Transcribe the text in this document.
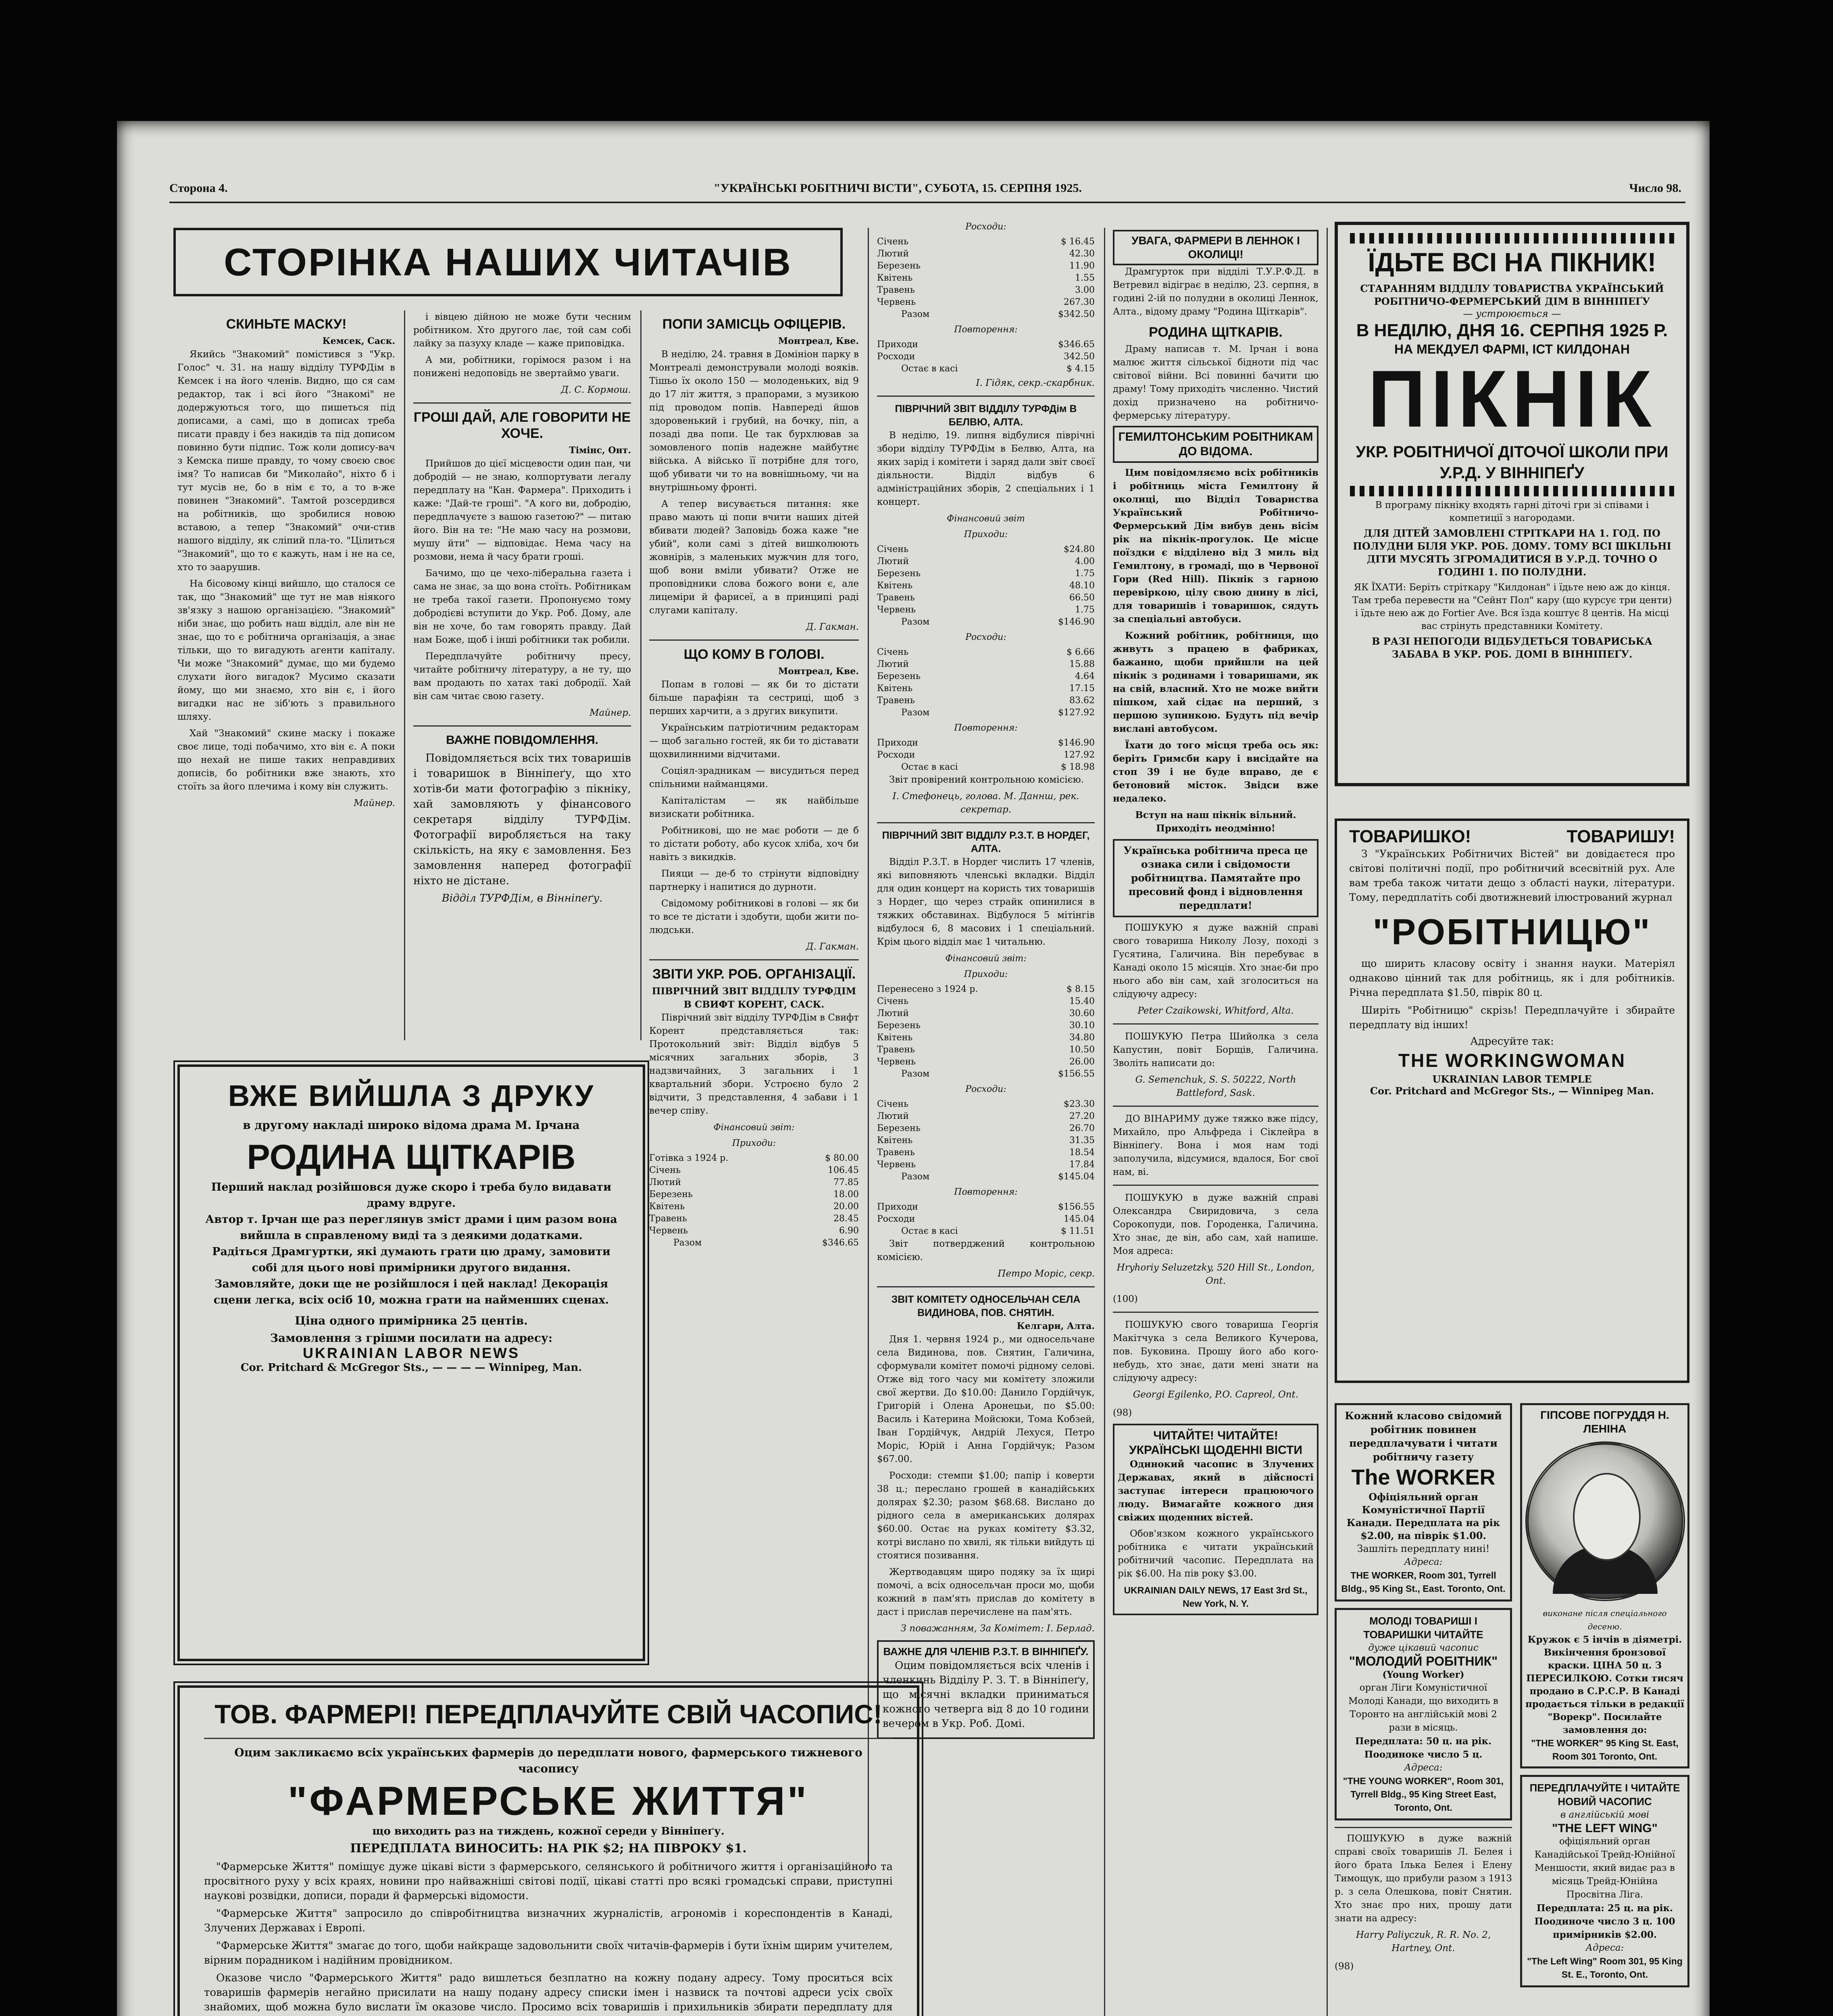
Сторона 4.	"УКРАЇНСЬКІ РОБІТНИЧІ ВІСТИ", СУБОТА, 15. СЕРПНЯ 1925.	Число 98.
СТОРІНКА НАШИХ ЧИТАЧІВ
СКИНЬТЕ МАСКУ!
Кемсек, Саск.

Якийсь "Знакомий" помістився з "Укр. Голос" ч. 31. на нашу відділу ТУРФДім в Кемсек і на його членів. Видно, що ся сам редактор, так і всі його "Знакомі" не додержуються того, що пишеться під дописами, а самі, що в дописах треба писати правду і без накидів та під дописом повинно бути підпис. Тож коли допису-вач з Кемска пише правду, то чому своєю своє імя? То написав би "Миколайо", ніхто б і тут мусів не, бо в нім є то, а то в-же повинен "Знакомий". Тамтой розсердився на робітників, що зробилися новою вставою, а тепер "Знакомий" очи-стив нашого відділу, як сліпий пла-то. "Цілиться "Знакомий", що то є кажуть, нам і не на се, хто то заарушив.

На бісовому кінці вийшло, що сталося се так, що "Знакомий" ще тут не мав ніякого зв'язку з нашою організацією. "Знакомий" ніби знає, що робить наш відділ, але він не знає, що то є робітнича організація, а знає тільки, що то вигадують агенти капіталу. Чи може "Знакомий" думає, що ми будемо слухати його вигадок? Мусимо сказати йому, що ми знаємо, хто він є, і його вигадки нас не зіб'ють з правильного шляху.

Хай "Знакомий" скине маску і покаже своє лице, тоді побачимо, хто він є. А поки що нехай не пише таких неправдивих дописів, бо робітники вже знають, хто стоїть за його плечима і кому він служить.

Майнер.

і вівцею дійною не може бути чесним робітником. Хто другого лає, той сам собі лайку за пазуху кладе — каже приповідка.

А ми, робітники, горімося разом і на понижені недоповідь не звертаймо уваги.

Д. С. Кормош.
ГРОШІ ДАЙ, АЛЕ ГОВОРИТИ НЕ ХОЧЕ.
Тімінс, Онт.

Прийшов до цієї місцевости один пан, чи добродій — не знаю, колпортувати легалу передплату на "Кан. Фармера". Приходить і каже: "Дай-те гроші". "А кого ви, добродію, передплачуєте з вашою газетою?" — питаю його. Він на те: "Не маю часу на розмови, мушу йти" — відповідає. Нема часу на розмови, нема й часу брати гроші.

Бачимо, що це чехо-ліберальна газета і сама не знає, за що вона стоїть. Робітникам не треба такої газети. Пропонуємо тому добродієві вступити до Укр. Роб. Дому, але він не хоче, бо там говорять правду. Дай нам Боже, щоб і інші робітники так робили.

Передплачуйте робітничу пресу, читайте робітничу літературу, а не ту, що вам продають по хатах такі добродії. Хай він сам читає свою газету.

Майнер.
ВАЖНЕ ПОВІДОМЛЕННЯ.

Повідомляється всіх тих товаришів і товаришок в Вінніпеґу, що хто хотів-би мати фотографію з пікніку, хай замовляють у фінансового секретаря відділу ТУРФДім. Фотографії виробляється на таку скількість, на яку є замовлення. Без замовлення наперед фотографії ніхто не дістане.

Відділ ТУРФДім, в Вінніпеґу.
ПОПИ ЗАМІСЦЬ ОФІЦЕРІВ.
Монтреал, Кве.

В неділю, 24. травня в Домініон парку в Монтреалі демонстрували молоді вояків. Тішьо їх около 150 — молоденьких, від 9 до 17 літ життя, з прапорами, з музикою під проводом попів. Навпереді йшов здоровенький і грубий, на бочку, піп, а позаді два попи. Це так бурхлював за зомовленого попів надежне майбутнє війська. А військо її потрібне для того, щоб убивати чи то на вовнішньому, чи на внутрішньому фронті.

А тепер висувається питання: яке право мають ці попи вчити наших дітей вбивати людей? Заповідь божа каже "не убий", коли самі з дітей вишколюють жовнірів, з маленьких мужчин для того, щоб вони вміли убивати? Отже не проповідники слова божого вони є, але лицеміри й фарисеї, а в принципі раді слугами капіталу.

Д. Гакман.
ЩО КОМУ В ГОЛОВІ.
Монтреал, Кве.

Попам в голові — як би то дістати більше парафіян та сестрицi, щоб з перших харчити, а з других викупити.

Українським патріотичним редакторам — щоб загально гостей, як би то діставати щохвилинними відчитами.

Соціял-зрадникам — висудиться перед спільними найманцями.

Капіталістам — як найбільше визискати робітника.

Робітникові, що не має роботи — де б то дістати роботу, або кусок хліба, хоч би навіть з викидків.

Пияци — де-б то стрінути відповідну партнерку і напитися до дурноти.

Свідомому робітникові в голові — як би то все те дістати і здобути, щоби жити по-людськи.

Д. Гакман.
ЗВІТИ УКР. РОБ. ОРГАНІЗАЦІЇ.
ПІВРІЧНИЙ ЗВІТ ВІДДІЛУ ТУРФДІМ В СВИФТ КОРЕНТ, САСК.

Піврічний звіт відділу ТУРФДім в Свифт Корент представляється так: Протокольний звіт: Відділ відбув 5 місячних загальних зборів, 3 надзвичайних, 3 загальних і 1 квартальний збори. Устроєно було 2 відчити, 3 представлення, 4 забави і 1 вечер співу.

Фінансовий звіт:
Приходи:
Готівка з 1924 р.	$ 80.00
Січень	106.45
Лютий	77.85
Березень	18.00
Квітень	20.00
Травень	28.45
Червень	6.90
Разом	$346.65
Росходи:
Січень	$ 16.45
Лютий	42.30
Березень	11.90
Квітень	1.55
Травень	3.00
Червень	267.30
Разом	$342.50
Повторення:
Приходи	$346.65
Росходи	342.50
Остає в касі	$ 4.15
І. Гідяк, секр.-скарбник.
ПІВРІЧНИЙ ЗВІТ ВІДДІЛУ ТУРФДім В БЕЛВЮ, АЛТА.

В неділю, 19. липня відбулися піврічні збори відділу ТУРФДім в Белвю, Алта, на яких зарід і комітети і заряд дали звіт своєї діяльности. Відділ відбув 6 адміністраційних зборів, 2 спеціальних і 1 концерт.

Фінансовий звіт
Приходи:
Січень	$24.80
Лютий	4.00
Березень	1.75
Квітень	48.10
Травень	66.50
Червень	1.75
Разом	$146.90
Росходи:
Січень	$ 6.66
Лютий	15.88
Березень	4.64
Квітень	17.15
Травень	83.62
Разом	$127.92
Повторення:
Приходи	$146.90
Росходи	127.92
Остає в касі	$ 18.98

Звіт провірений контрольною комісією.

І. Стефонець, голова. М. Даннш, рек. секретар.
ПІВРІЧНИЙ ЗВІТ ВІДДІЛУ Р.З.Т. В НОРДЕГ, АЛТА.

Відділ Р.З.Т. в Нордег числить 17 членів, які виповняють членські вкладки. Відділ для один концерт на користь тих товаришів з Нордег, що через страйк опинилися в тяжких обставинах. Відбулося 5 мітінгів відбулося 6, 8 масових і 1 спеціальний. Крім цього відділ має 1 читальню.

Фінансовий звіт:
Приходи:
Перенесено з 1924 р.	$ 8.15
Січень	15.40
Лютий	30.60
Березень	30.10
Квітень	34.80
Травень	10.50
Червень	26.00
Разом	$156.55
Росходи:
Січень	$23.30
Лютий	27.20
Березень	26.70
Квітень	31.35
Травень	18.54
Червень	17.84
Разом	$145.04
Повторення:
Приходи	$156.55
Росходи	145.04
Остає в касі	$ 11.51

Звіт потверджений контрольною комісією.

Петро Моріс, секр.
ЗВІТ КОМІТЕТУ ОДНОСЕЛЬЧАН СЕЛА ВИДИНОВА, ПОВ. СНЯТИН.
Келгари, Алта.

Дня 1. червня 1924 р., ми односельчане села Видинова, пов. Снятин, Галичина, сформували комітет помочі рідному селові. Отже від того часу ми комітету зложили свої жертви. До $10.00: Данило Гордійчук, Григорій і Олена Аронецьи, по $5.00: Василь і Катерина Мойсюки, Тома Кобзей, Іван Гордійчук, Андрій Лехуся, Петро Моріс, Юрій і Анна Гордійчук; Разом $67.00.

Росходи: стемпи $1.00; папір і коверти 38 ц.; переслано грошей в канадійських долярах $2.30; разом $68.68. Вислано до рідного села в американських долярах $60.00. Остає на руках комітету $3.32, котрі вислано по хвилі, як тільки вийдуть ці стоятися позивання.

Жертводавцям щиро подяку за їх щирі помочі, а всіх односельчан проси мо, щоби кожний в пам'ять прислав до комітету в даст і прислав перечислене на пам'ять.

З поважанням, За Комітет: І. Берлад.
ВАЖНЕ ДЛЯ ЧЛЕНІВ Р.З.Т. В ВІННІПЕҐУ.

Оцим повідомляється всіх членів і членкинь Відділу Р. З. Т. в Вінніпеґу, що місячні вкладки приниматься кожного четверга від 8 до 10 години вечером в Укр. Роб. Домі.

УВАГА, ФАРМЕРИ В ЛЕННОК І ОКОЛИЦІ!

Драмгурток при відділі Т.У.Р.Ф.Д. в Ветревил відіграє в неділю, 23. серпня, в годині 2-ій по полудни в околиці Леннок, Алта., відому драму "Родина Щіткарів".

РОДИНА ЩІТКАРІВ.

Драму написав т. М. Ірчан і вона малює життя сільської бідноти під час світової війни. Всі повинні бачити цю драму! Тому приходіть численно. Чистий дохід призначено на робітничо-фермерську літературу.

ГЕМИЛТОНСЬКИМ РОБІТНИКАМ ДО ВІДОМА.

Цим повідомляємо всіх робітників і робітниць міста Гемилтону й околиці, що Відділ Товариства Український Робітничо-Фермерський Дім вибув день вісім рік на пікнік-прогулок. Це місце поїздки є відділено від 3 миль від Гемилтону, в громаді, що в Червоної Гори (Red Hill). Пікнік з гарною перевіркою, цілу свою днину в лісі, для товаришів і товаришок, сядуть за спеціальні автобуси.

Кожний робітник, робітниця, що живуть з працею в фабриках, бажанно, щоби прийшли на цей пікнік з родинами і товаришами, як на свій, власний. Хто не може вийти пішком, хай сідає на перший, з першою зупинкою. Будуть під вечір вислані автобусом.

Їхати до того місця треба ось як: беріть Гримсби кару і висідайте на стоп 39 і не буде вправо, де є бетоновий місток. Звідси вже недалеко.

Вступ на наш пікнік вільний. Приходіть неодмінно!
Українська робітнича преса це ознака сили і свідомости робітництва. Памятайте про пресовий фонд і відновлення передплати!

ПОШУКУЮ я дуже важній справі свого товариша Николу Лозу, поході з Гусятина, Галичина. Він перебуває в Канаді около 15 місяців. Хто знає-би про нього або він сам, хай зголоситься на слідуючу адресу:

Peter Czaikowski, Whitford, Alta.

ПОШУКУЮ Петра Шийолка з села Капустин, повіт Борщів, Галичина. Зволіть написати до:

G. Semenchuk, S. S. 50222, North Battleford, Sask.

ДО ВІНАРИМУ дуже тяжко вже підсу, Михайло, про Альфреда і Сіклейра в Вінніпеґу. Вона і моя нам тоді заполучила, відсумися, вдалося, Бог свої нам, ві.

ПОШУКУЮ в дуже важній справі Олександра Свиридовича, з села Сорокопуди, пов. Городенка, Галичина. Хто знає, де він, або сам, хай напише. Моя адреса:

Hryhoriy Seluzetzky, 520 Hill St., London, Ont.
(100)

ПОШУКУЮ свого товариша Георгія Макітчука з села Великого Кучерова, пов. Буковина. Прошу його або кого-небудь, хто знає, дати мені знати на слідуючу адресу:

Georgi Egilenko, P.O. Capreol, Ont.
(98)
ЧИТАЙТЕ! ЧИТАЙТЕ! УКРАЇНСЬКІ ЩОДЕННІ ВІСТИ

Одинокий часопис в Злучених Державах, який в дійсності заступає інтереси працюючого люду. Вимагайте кожного дня свіжих щоденних вістей.

Обов'язком кожного українського робітника є читати український робітничий часопис. Передплата на рік $6.00. На пів року $3.00.

UKRAINIAN DAILY NEWS, 17 East 3rd St., New York, N. Y.
ЇДЬТЕ ВСІ НА ПІКНИК!
СТАРАННЯМ ВІДДІЛУ ТОВАРИСТВА УКРАЇНСЬКИЙ РОБІТНИЧО-ФЕРМЕРСЬКИЙ ДІМ В ВІННІПЕҐУ
— устроюється —
В НЕДІЛЮ, ДНЯ 16. СЕРПНЯ 1925 Р.
НА МЕКДУЕЛ ФАРМІ, ІСТ КИЛДОНАН
ПІКНІК
УКР. РОБІТНИЧОЇ ДІТОЧОЇ ШКОЛИ ПРИ У.Р.Д. У ВІННІПЕҐУ
В програму пікніку входять гарні діточі гри зі співами і компетиції з нагородами.
ДЛЯ ДІТЕЙ ЗАМОВЛЕНІ СТРІТКАРИ НА 1. ГОД. ПО ПОЛУДНИ БІЛЯ УКР. РОБ. ДОМУ. ТОМУ ВСІ ШКІЛЬНІ ДІТИ МУСЯТЬ ЗГРОМАДИТИСЯ В У.Р.Д. ТОЧНО О ГОДИНІ 1. ПО ПОЛУДНИ.
ЯК ЇХАТИ: Беріть стріткару "Килдонан" і їдьте нею аж до кінця. Там треба перевести на "Сейнт Пол" кару (що курсує три центи) і їдьте нею аж до Fortier Ave. Вся їзда коштує 8 центів. На місці вас стрінуть представники Комітету.
В РАЗІ НЕПОГОДИ ВІДБУДЕТЬСЯ ТОВАРИСЬКА ЗАБАВА В УКР. РОБ. ДОМІ В ВІННІПЕҐУ.
ТОВАРИШКО!	ТОВАРИШУ!

З "Українських Робітничих Вістей" ви довідаєтеся про світові політичні події, про робітничий всесвітній рух. Але вам треба також читати дещо з області науки, літератури. Тому, передплатіть собі двотижневий ілюстрований журнал

"РОБІТНИЦЮ"

що ширить класову освіту і знання науки. Матеріял однаково цінний так для робітниць, як і для робітників. Річна передплата $1.50, піврік 80 ц.

Ширіть "Робітницю" скрізь! Передплачуйте і збирайте передплату від інших!

Адресуйте так:
THE WORKINGWOMAN
UKRAINIAN LABOR TEMPLE
Cor. Pritchard and McGregor Sts., — Winnipeg Man.
Кожний класово свідомий робітник повинен передплачувати і читати робітничу газету
The WORKER
Офіціяльний орган Комуністичної Партії Канади. Передплата на рік $2.00, на піврік $1.00.
Зашліть передплату нині!
Адреса:
THE WORKER, Room 301, Tyrrell Bldg., 95 King St., East. Toronto, Ont.
МОЛОДІ ТОВАРИШІ І ТОВАРИШКИ ЧИТАЙТЕ
дуже цікавий часопис
"МОЛОДИЙ РОБІТНИК"
(Young Worker)
орган Ліги Комуністичної Молоді Канади, що виходить в Торонто на англійській мові 2 рази в місяць.
Передплата: 50 ц. на рік. Поодиноке число 5 ц.
Адреса:
"THE YOUNG WORKER", Room 301, Tyrrell Bldg., 95 King Street East, Toronto, Ont.

ПОШУКУЮ в дуже важній справі своїх товаришів Л. Белея і його брата Ілька Белея і Елену Тимощук, що прибули разом з 1913 р. з села Олешкова, повіт Снятин. Хто знає про них, прошу дати знати на адресу:

Harry Paliyczuk, R. R. No. 2, Hartney, Ont.
(98)
ГІПСОВЕ ПОГРУДДЯ Н. ЛЕНІНА
виконане після спеціального десеню.
Кружок є 5 інчів в діяметрі. Викінчення бронзової краски. ЦІНА 50 ц. З ПЕРЕСИЛКОЮ. Сотки тисяч продано в С.Р.С.Р. В Канаді продається тільки в редакції "Ворекр". Посилайте замовлення до:
"THE WORKER" 95 King St. East, Room 301 Toronto, Ont.
ПЕРЕДПЛАЧУЙТЕ І ЧИТАЙТЕ НОВИЙ ЧАСОПИС
в англійській мові
"THE LEFT WING"
офіціяльний орган Канадійської Трейд-Юнійної Меншости, який видає раз в місяць Трейд-Юнійна Просвітна Ліга.
Передплата: 25 ц. на рік. Поодиноче число 3 ц. 100 примірників $2.00.
Адреса:
"The Left Wing" Room 301, 95 King St. E., Toronto, Ont.
ВЖЕ ВИЙШЛА З ДРУКУ
в другому накладі широко відома драма М. Ірчана
РОДИНА ЩІТКАРІВ
Перший наклад розійшовся дуже скоро і треба було видавати драму вдруге.
Автор т. Ірчан ще раз переглянув зміст драми і цим разом вона вийшла в справленому виді та з деякими додатками.
Радіться Драмгуртки, які думають грати цю драму, замовити собі для цього нові примірники другого видання.
Замовляйте, доки ще не розійшлося і цей наклад! Декорація сцени легка, всіх осіб 10, можна грати на найменших сценах.
Ціна одного примірника 25 центів.
Замовлення з грішми посилати на адресу:
UKRAINIAN LABOR NEWS
Cor. Pritchard & McGregor Sts., — — — — Winnipeg, Man.
ТОВ. ФАРМЕРІ! ПЕРЕДПЛАЧУЙТЕ СВІЙ ЧАСОПИС!
Оцим закликаємо всіх українських фармерів до передплати нового, фармерського тижневого часопису
"ФАРМЕРСЬКЕ ЖИТТЯ"
що виходить раз на тиждень, кожної середи у Вінніпеґу.
ПЕРЕДПЛАТА ВИНОСИТЬ: НА РІК $2; НА ПІВРОКУ $1.

"Фармерське Життя" поміщує дуже цікаві вісти з фармерського, селянського й робітничого життя і організаційного та просвітного руху у всіх краях, новини про найважніші світові події, цікаві статті про всякі громадські справи, приступні наукові розвідки, дописи, поради й фармерські відомости.

"Фармерське Життя" запросило до співробітництва визначних журналістів, агрономів і кореспондентів в Канаді, Злучених Державах і Европі.

"Фармерське Життя" змагає до того, щоби найкраще задовольнити своїх читачів-фармерів і бути їхнім щирим учителем, вірним порадником і надійним провідником.

Оказове число "Фармерського Життя" радо вишлеться безплатно на кожну подану адресу. Тому проситься всіх товаришів фармерів негайно присилати на нашу подану адресу списки імен і назвиск та почтові адреси усіх своїх знайомих, щоб можна було вислати їм оказове число. Просимо всіх товаришів і прихильників збирати передплату для
